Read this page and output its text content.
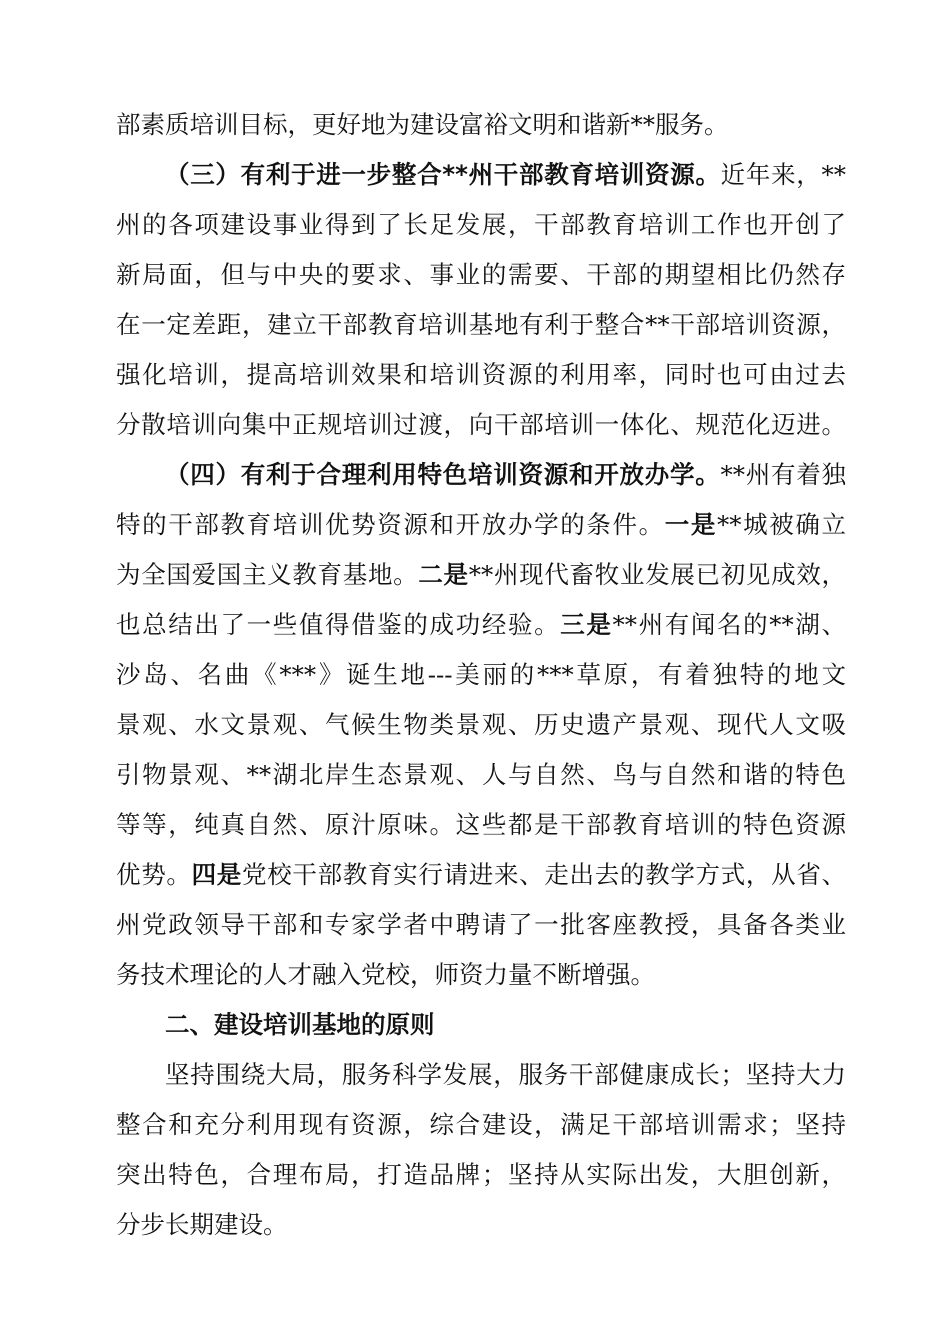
部素质培训目标，更好地为建设富裕文明和谐新**服务。
（三）有利于进一步整合**州干部教育培训资源。近年来，**
州的各项建设事业得到了长足发展，干部教育培训工作也开创了
新局面，但与中央的要求、事业的需要、干部的期望相比仍然存
在一定差距，建立干部教育培训基地有利于整合**干部培训资源，
强化培训，提高培训效果和培训资源的利用率，同时也可由过去
分散培训向集中正规培训过渡，向干部培训一体化、规范化迈进。
（四）有利于合理利用特色培训资源和开放办学。**州有着独
特的干部教育培训优势资源和开放办学的条件。一是**城被确立
为全国爱国主义教育基地。二是**州现代畜牧业发展已初见成效，
也总结出了一些值得借鉴的成功经验。三是**州有闻名的**湖、
沙岛、名曲《***》诞生地---美丽的***草原，有着独特的地文
景观、水文景观、气候生物类景观、历史遗产景观、现代人文吸
引物景观、**湖北岸生态景观、人与自然、鸟与自然和谐的特色
等等，纯真自然、原汁原味。这些都是干部教育培训的特色资源
优势。四是党校干部教育实行请进来、走出去的教学方式，从省、
州党政领导干部和专家学者中聘请了一批客座教授，具备各类业
务技术理论的人才融入党校，师资力量不断增强。
二、建设培训基地的原则
坚持围绕大局，服务科学发展，服务干部健康成长；坚持大力
整合和充分利用现有资源，综合建设，满足干部培训需求；坚持
突出特色，合理布局，打造品牌；坚持从实际出发，大胆创新，
分步长期建设。
